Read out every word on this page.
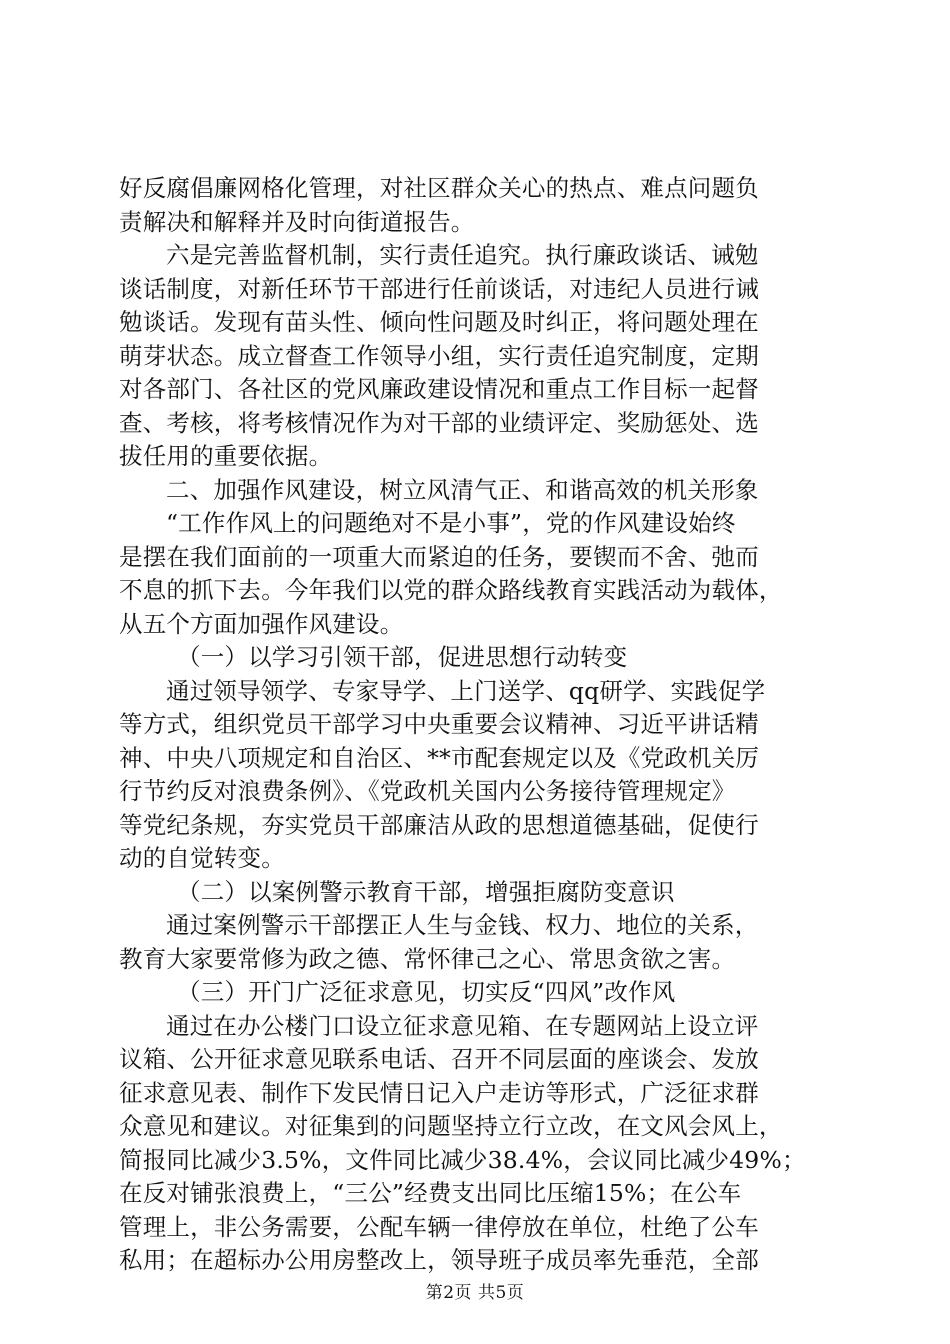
好反腐倡廉网格化管理，对社区群众关心的热点、难点问题负
责解决和解释并及时向街道报告。
六是完善监督机制，实行责任追究。执行廉政谈话、诫勉
谈话制度，对新任环节干部进行任前谈话，对违纪人员进行诫
勉谈话。发现有苗头性、倾向性问题及时纠正，将问题处理在
萌芽状态。成立督查工作领导小组，实行责任追究制度，定期
对各部门、各社区的党风廉政建设情况和重点工作目标一起督
查、考核，将考核情况作为对干部的业绩评定、奖励惩处、选
拔任用的重要依据。
二、加强作风建设，树立风清气正、和谐高效的机关形象
“工作作风上的问题绝对不是小事”，党的作风建设始终
是摆在我们面前的一项重大而紧迫的任务，要锲而不舍、弛而
不息的抓下去。今年我们以党的群众路线教育实践活动为载体，
从五个方面加强作风建设。
（一）以学习引领干部，促进思想行动转变
通过领导领学、专家导学、上门送学、qq研学、实践促学
等方式，组织党员干部学习中央重要会议精神、习近平讲话精
神、中央八项规定和自治区、**市配套规定以及《党政机关厉
行节约反对浪费条例》、《党政机关国内公务接待管理规定》
等党纪条规，夯实党员干部廉洁从政的思想道德基础，促使行
动的自觉转变。
（二）以案例警示教育干部，增强拒腐防变意识
通过案例警示干部摆正人生与金钱、权力、地位的关系，
教育大家要常修为政之德、常怀律己之心、常思贪欲之害。
（三）开门广泛征求意见，切实反“四风”改作风
通过在办公楼门口设立征求意见箱、在专题网站上设立评
议箱、公开征求意见联系电话、召开不同层面的座谈会、发放
征求意见表、制作下发民情日记入户走访等形式，广泛征求群
众意见和建议。对征集到的问题坚持立行立改，在文风会风上，
简报同比减少3.5%，文件同比减少38.4%，会议同比减少49%；
在反对铺张浪费上，“三公”经费支出同比压缩15%；在公车
管理上，非公务需要，公配车辆一律停放在单位，杜绝了公车
私用；在超标办公用房整改上，领导班子成员率先垂范，全部
第2页 共5页
